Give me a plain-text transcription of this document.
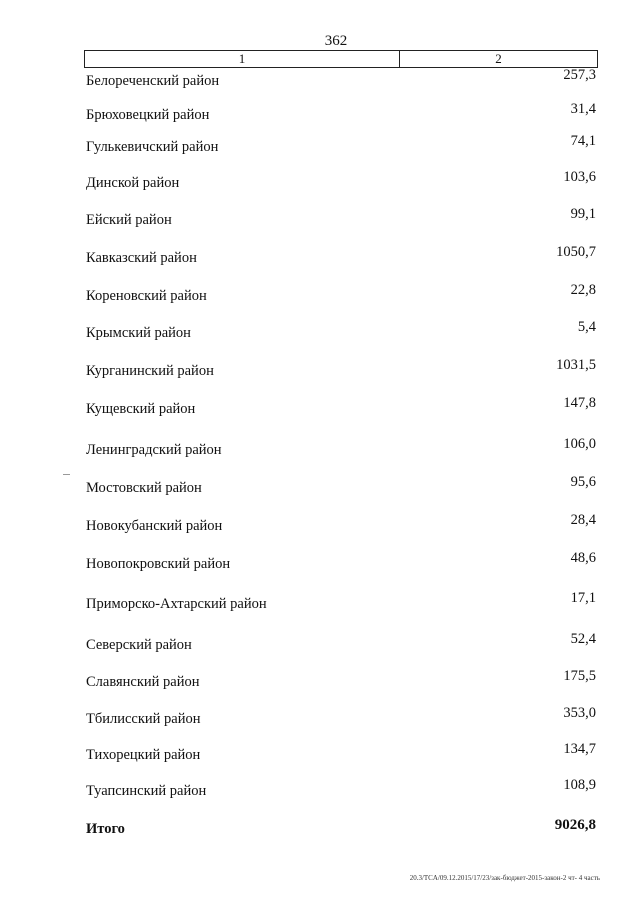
362
1	2
Белореченский район	257,3
Брюховецкий район	31,4
Гулькевичский район	74,1
Динской район	103,6
Ейский район	99,1
Кавказский район	1050,7
Кореновский район	22,8
Крымский район	5,4
Курганинский район	1031,5
Кущевский район	147,8
Ленинградский район	106,0
Мостовский район	95,6
Новокубанский район	28,4
Новопокровский район	48,6
Приморско-Ахтарский район	17,1
Северский район	52,4
Славянский район	175,5
Тбилисский район	353,0
Тихорецкий район	134,7
Туапсинский район	108,9
Итого	9026,8
20.3/TCA/09.12.2015/17/23/зак-бюджет-2015-закон-2 чт- 4 часть
